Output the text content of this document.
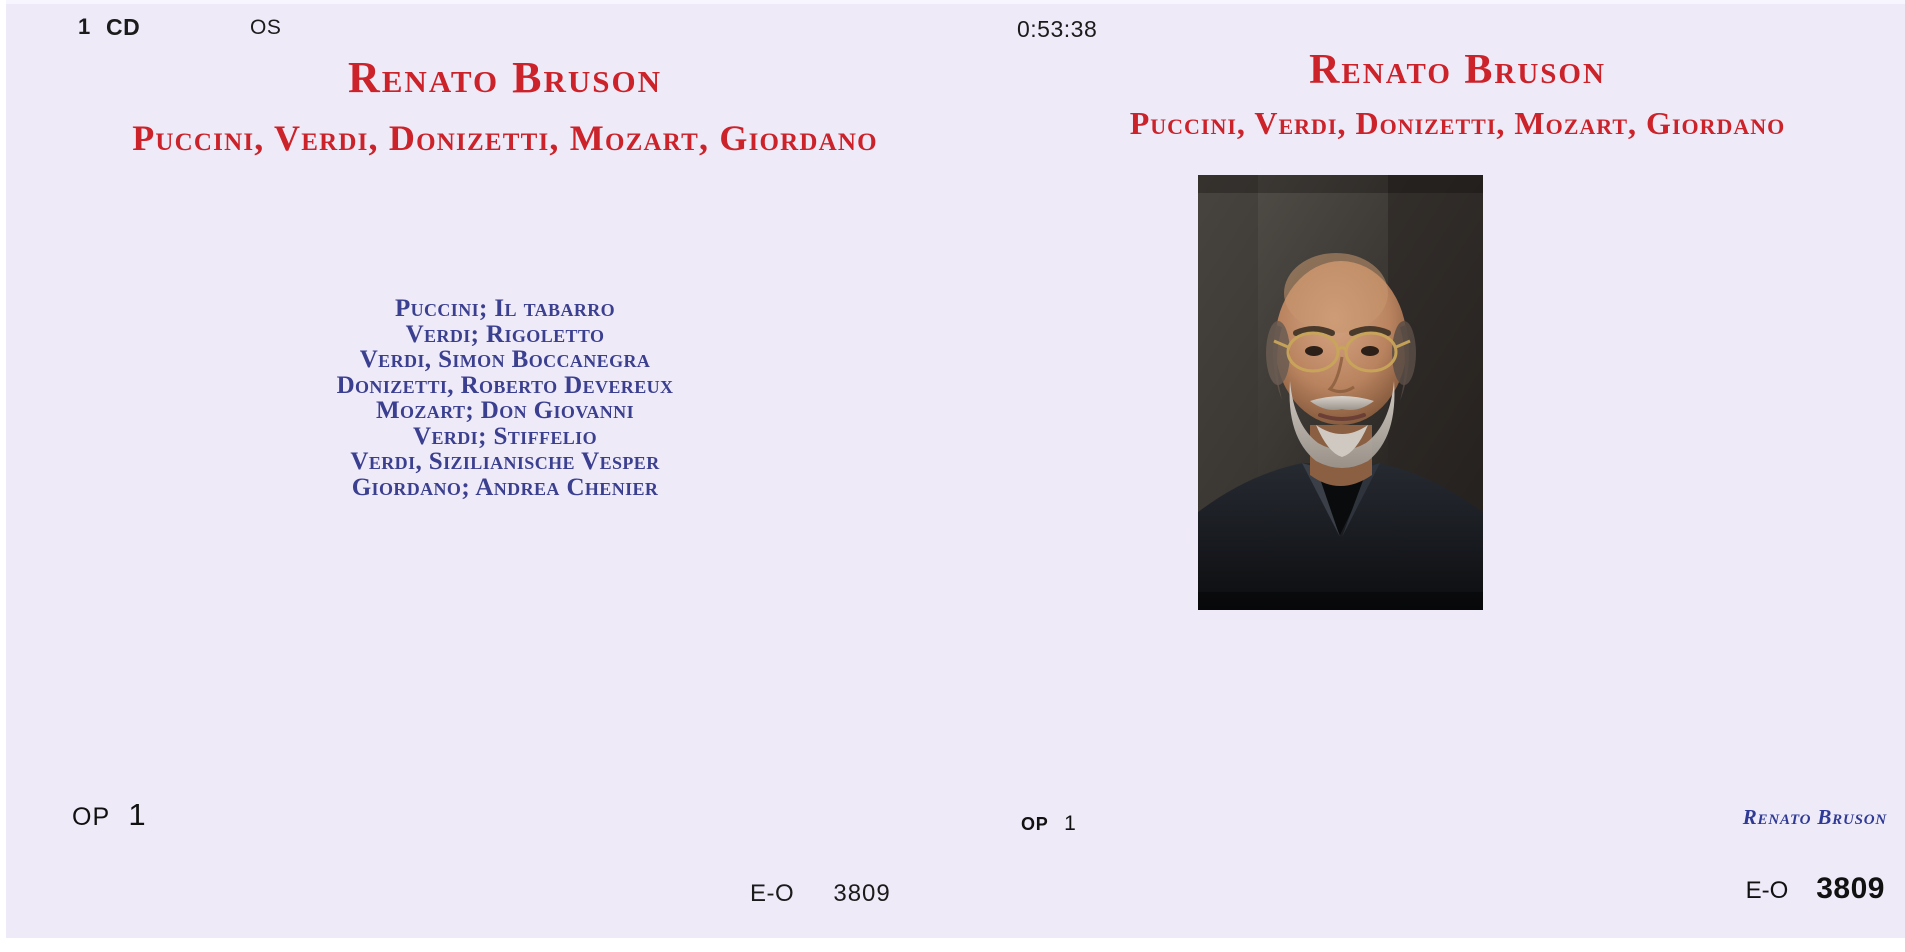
1 CD	OS
Renato Bruson
Puccini, Verdi, Donizetti, Mozart, Giordano
Puccini; Il tabarro
Verdi; Rigoletto
Verdi, Simon Boccanegra
Donizetti, Roberto Devereux
Mozart; Don Giovanni
Verdi; Stiffelio
Verdi, Sizilianische Vesper
Giordano; Andrea Chenier
OP 1
E-O 3809
0:53:38
Renato Bruson
Puccini, Verdi, Donizetti, Mozart, Giordano
Renato Bruson
OP 1
E-O 3809
